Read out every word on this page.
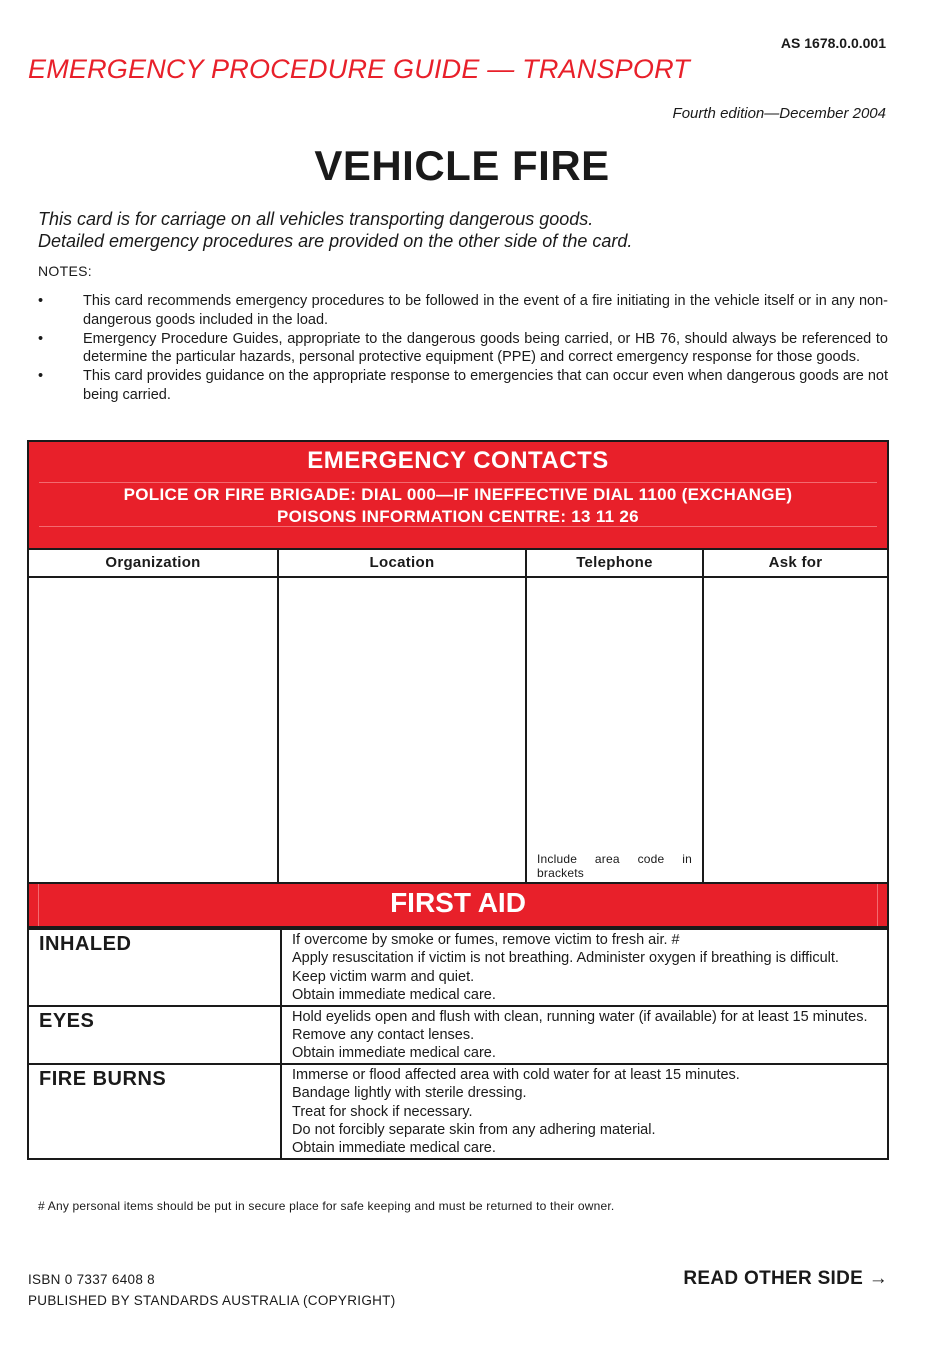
AS 1678.0.0.001
EMERGENCY PROCEDURE GUIDE — TRANSPORT
Fourth edition—December 2004
VEHICLE FIRE
This card is for carriage on all vehicles transporting dangerous goods.
Detailed emergency procedures are provided on the other side of the card.
NOTES:
•	This card recommends emergency procedures to be followed in the event of a fire initiating in the vehicle itself or in any non-dangerous goods included in the load.
•	Emergency Procedure Guides, appropriate to the dangerous goods being carried, or HB 76, should always be referenced to determine the particular hazards, personal protective equipment (PPE) and correct emergency response for those goods.
•	This card provides guidance on the appropriate response to emergencies that can occur even when dangerous goods are not being carried.
EMERGENCY CONTACTS
POLICE OR FIRE BRIGADE: DIAL 000—IF INEFFECTIVE DIAL 1100 (EXCHANGE)
POISONS INFORMATION CENTRE: 13 11 26
Organization	Location	Telephone	Ask for
Include area code in brackets
FIRST AID
INHALED	If overcome by smoke or fumes, remove victim to fresh air. #

Apply resuscitation if victim is not breathing. Administer oxygen if breathing is difficult.

Keep victim warm and quiet.

Obtain immediate medical care.

EYES	Hold eyelids open and flush with clean, running water (if available) for at least 15 minutes.

Remove any contact lenses.

Obtain immediate medical care.

FIRE BURNS	Immerse or flood affected area with cold water for at least 15 minutes.

Bandage lightly with sterile dressing.

Treat for shock if necessary.

Do not forcibly separate skin from any adhering material.

Obtain immediate medical care.

# Any personal items should be put in secure place for safe keeping and must be returned to their owner.
ISBN 0 7337 6408 8
PUBLISHED BY STANDARDS AUSTRALIA (COPYRIGHT)
READ OTHER SIDE →
